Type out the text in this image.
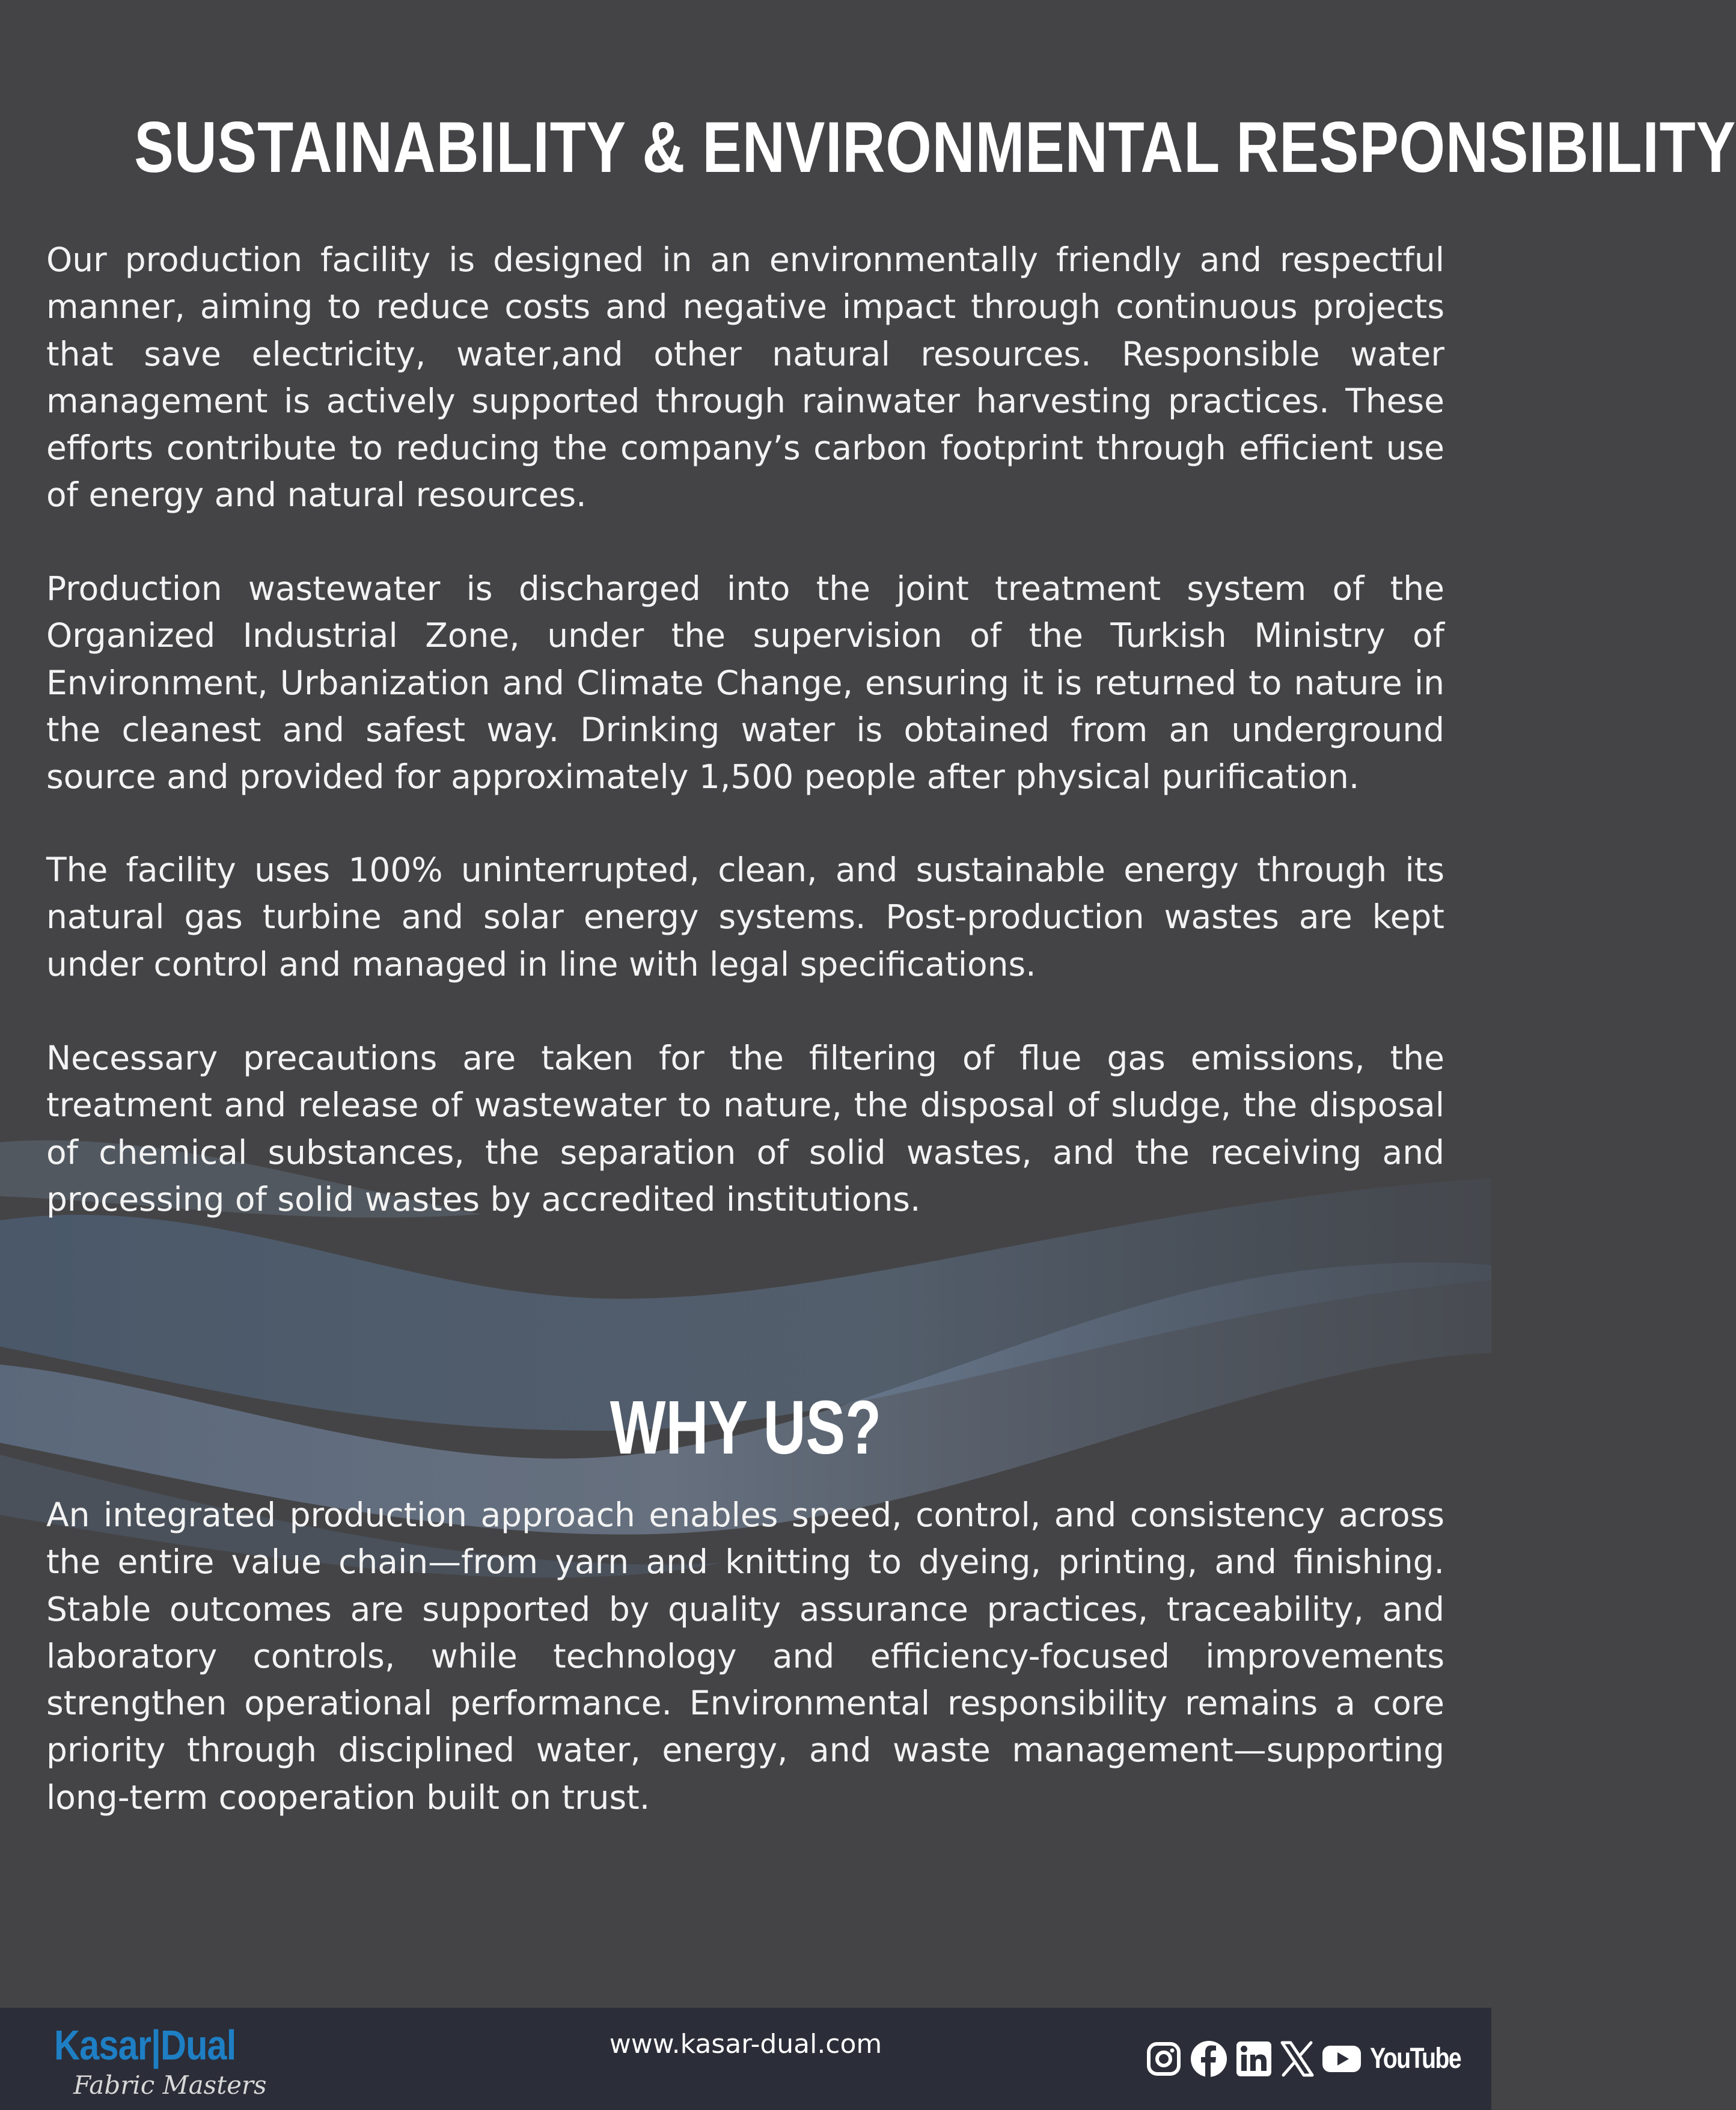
SUSTAINABILITY & ENVIRONMENTAL RESPONSIBILITY

Our production facility is designed in an environmentally friendly and respectful manner, aiming to reduce costs and negative impact through continuous projects that save electricity, water,and other natural resources. Responsible water management is actively supported through rainwater harvesting practices. These efforts contribute to reducing the company’s carbon footprint through efficient use of energy and natural resources.

Production wastewater is discharged into the joint treatment system of the Organized Industrial Zone, under the supervision of the Turkish Ministry of Environment, Urbanization and Climate Change, ensuring it is returned to nature in the cleanest and safest way. Drinking water is obtained from an underground source and provided for approximately 1,500 people after physical purification.

The facility uses 100% uninterrupted, clean, and sustainable energy through its natural gas turbine and solar energy systems. Post-production wastes are kept under control and managed in line with legal specifications.

Necessary precautions are taken for the filtering of flue gas emissions, the treatment and release of wastewater to nature, the disposal of sludge, the disposal of chemical substances, the separation of solid wastes, and the receiving and processing of solid wastes by accredited institutions.

WHY US?

An integrated production approach enables speed, control, and consistency across the entire value chain—from yarn and knitting to dyeing, printing, and finishing. Stable outcomes are supported by quality assurance practices, traceability, and laboratory controls, while technology and efficiency-focused improvements strengthen operational performance. Environmental responsibility remains a core priority through disciplined water, energy, and waste management—supporting long-term cooperation built on trust.

Kasar|Dual
Fabric Masters
www.kasar-dual.com	YouTube
